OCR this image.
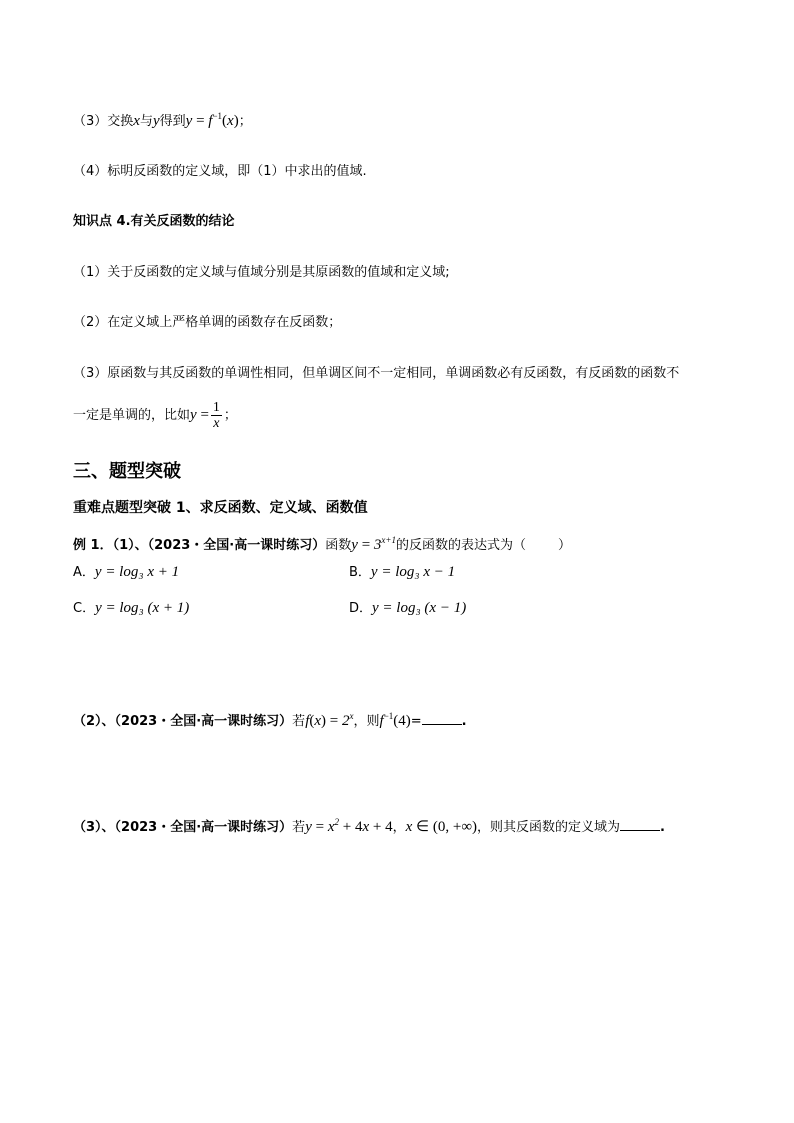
（3）交换x与y得到$y = f^{-1}(x)$；
（4）标明反函数的定义域，即（1）中求出的值域.
知识点 4.有关反函数的结论
（1）关于反函数的定义域与值域分别是其原函数的值域和定义域;
（2）在定义域上严格单调的函数存在反函数；
（3）原函数与其反函数的单调性相同，但单调区间不一定相同，单调函数必有反函数，有反函数的函数不
一定是单调的，比如$y = \frac{1}{x}$ ；
三、题型突破
重难点题型突破 1、求反函数、定义域、函数值
例 1．（1）、（2023・全国·高一课时练习）函数$y = 3^{x+1}$的反函数的表达式为（ ）
A．y = log₃ x + 1	B．y = log₃ x − 1
C．y = log₃ (x + 1)	D．y = log₃ (x − 1)
（2）、（2023・全国·高一课时练习）若$f(x) = 2^x$，则$f^{-1}(4)=$	.
（3）、（2023・全国·高一课时练习）若$y = x^2 + 4x + 4$，x ∈ (0, +∞)，则其反函数的定义域为	.
